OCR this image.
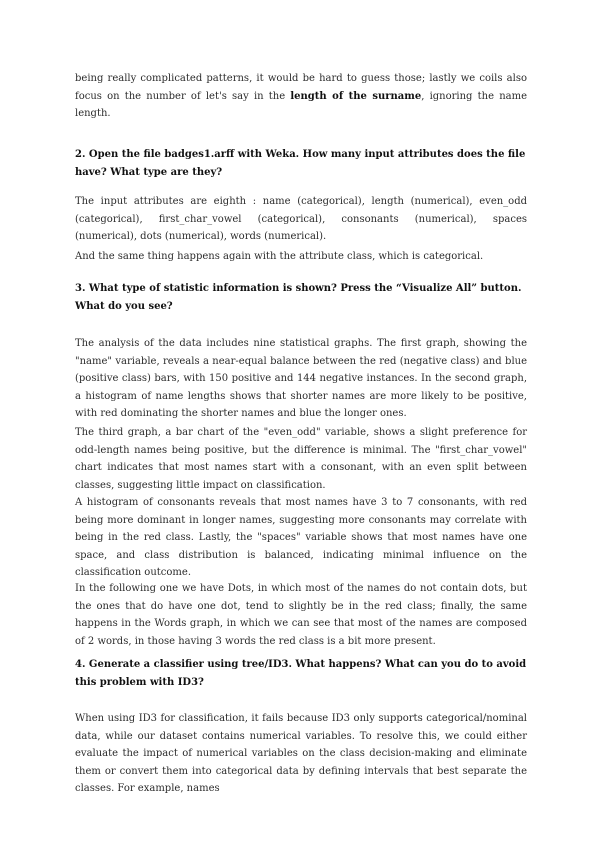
being really complicated patterns, it would be hard to guess those; lastly we coils also focus on the number of let's say in the length of the surname, ignoring the name length.

2. Open the file badges1.arff with Weka. How many input attributes does the file have? What type are they?

The input attributes are eighth : name (categorical), length (numerical), even_odd (categorical), first_char_vowel (categorical), consonants (numerical), spaces (numerical), dots (numerical), words (numerical).

And the same thing happens again with the attribute class, which is categorical.

3. What type of statistic information is shown? Press the “Visualize All” button. What do you see?

The analysis of the data includes nine statistical graphs. The first graph, showing the "name" variable, reveals a near-equal balance between the red (negative class) and blue (positive class) bars, with 150 positive and 144 negative instances. In the second graph, a histogram of name lengths shows that shorter names are more likely to be positive, with red dominating the shorter names and blue the longer ones.

The third graph, a bar chart of the "even_odd" variable, shows a slight preference for odd-length names being positive, but the difference is minimal. The "first_char_vowel" chart indicates that most names start with a consonant, with an even split between classes, suggesting little impact on classification.

A histogram of consonants reveals that most names have 3 to 7 consonants, with red being more dominant in longer names, suggesting more consonants may correlate with being in the red class. Lastly, the "spaces" variable shows that most names have one space, and class distribution is balanced, indicating minimal influence on the classification outcome.

In the following one we have Dots, in which most of the names do not contain dots, but the ones that do have one dot, tend to slightly be in the red class; finally, the same happens in the Words graph, in which we can see that most of the names are composed of 2 words, in those having 3 words the red class is a bit more present.

4. Generate a classifier using tree/ID3. What happens? What can you do to avoid this problem with ID3?

When using ID3 for classification, it fails because ID3 only supports categorical/nominal data, while our dataset contains numerical variables. To resolve this, we could either evaluate the impact of numerical variables on the class decision-making and eliminate them or convert them into categorical data by defining intervals that best separate the classes. For example, names
